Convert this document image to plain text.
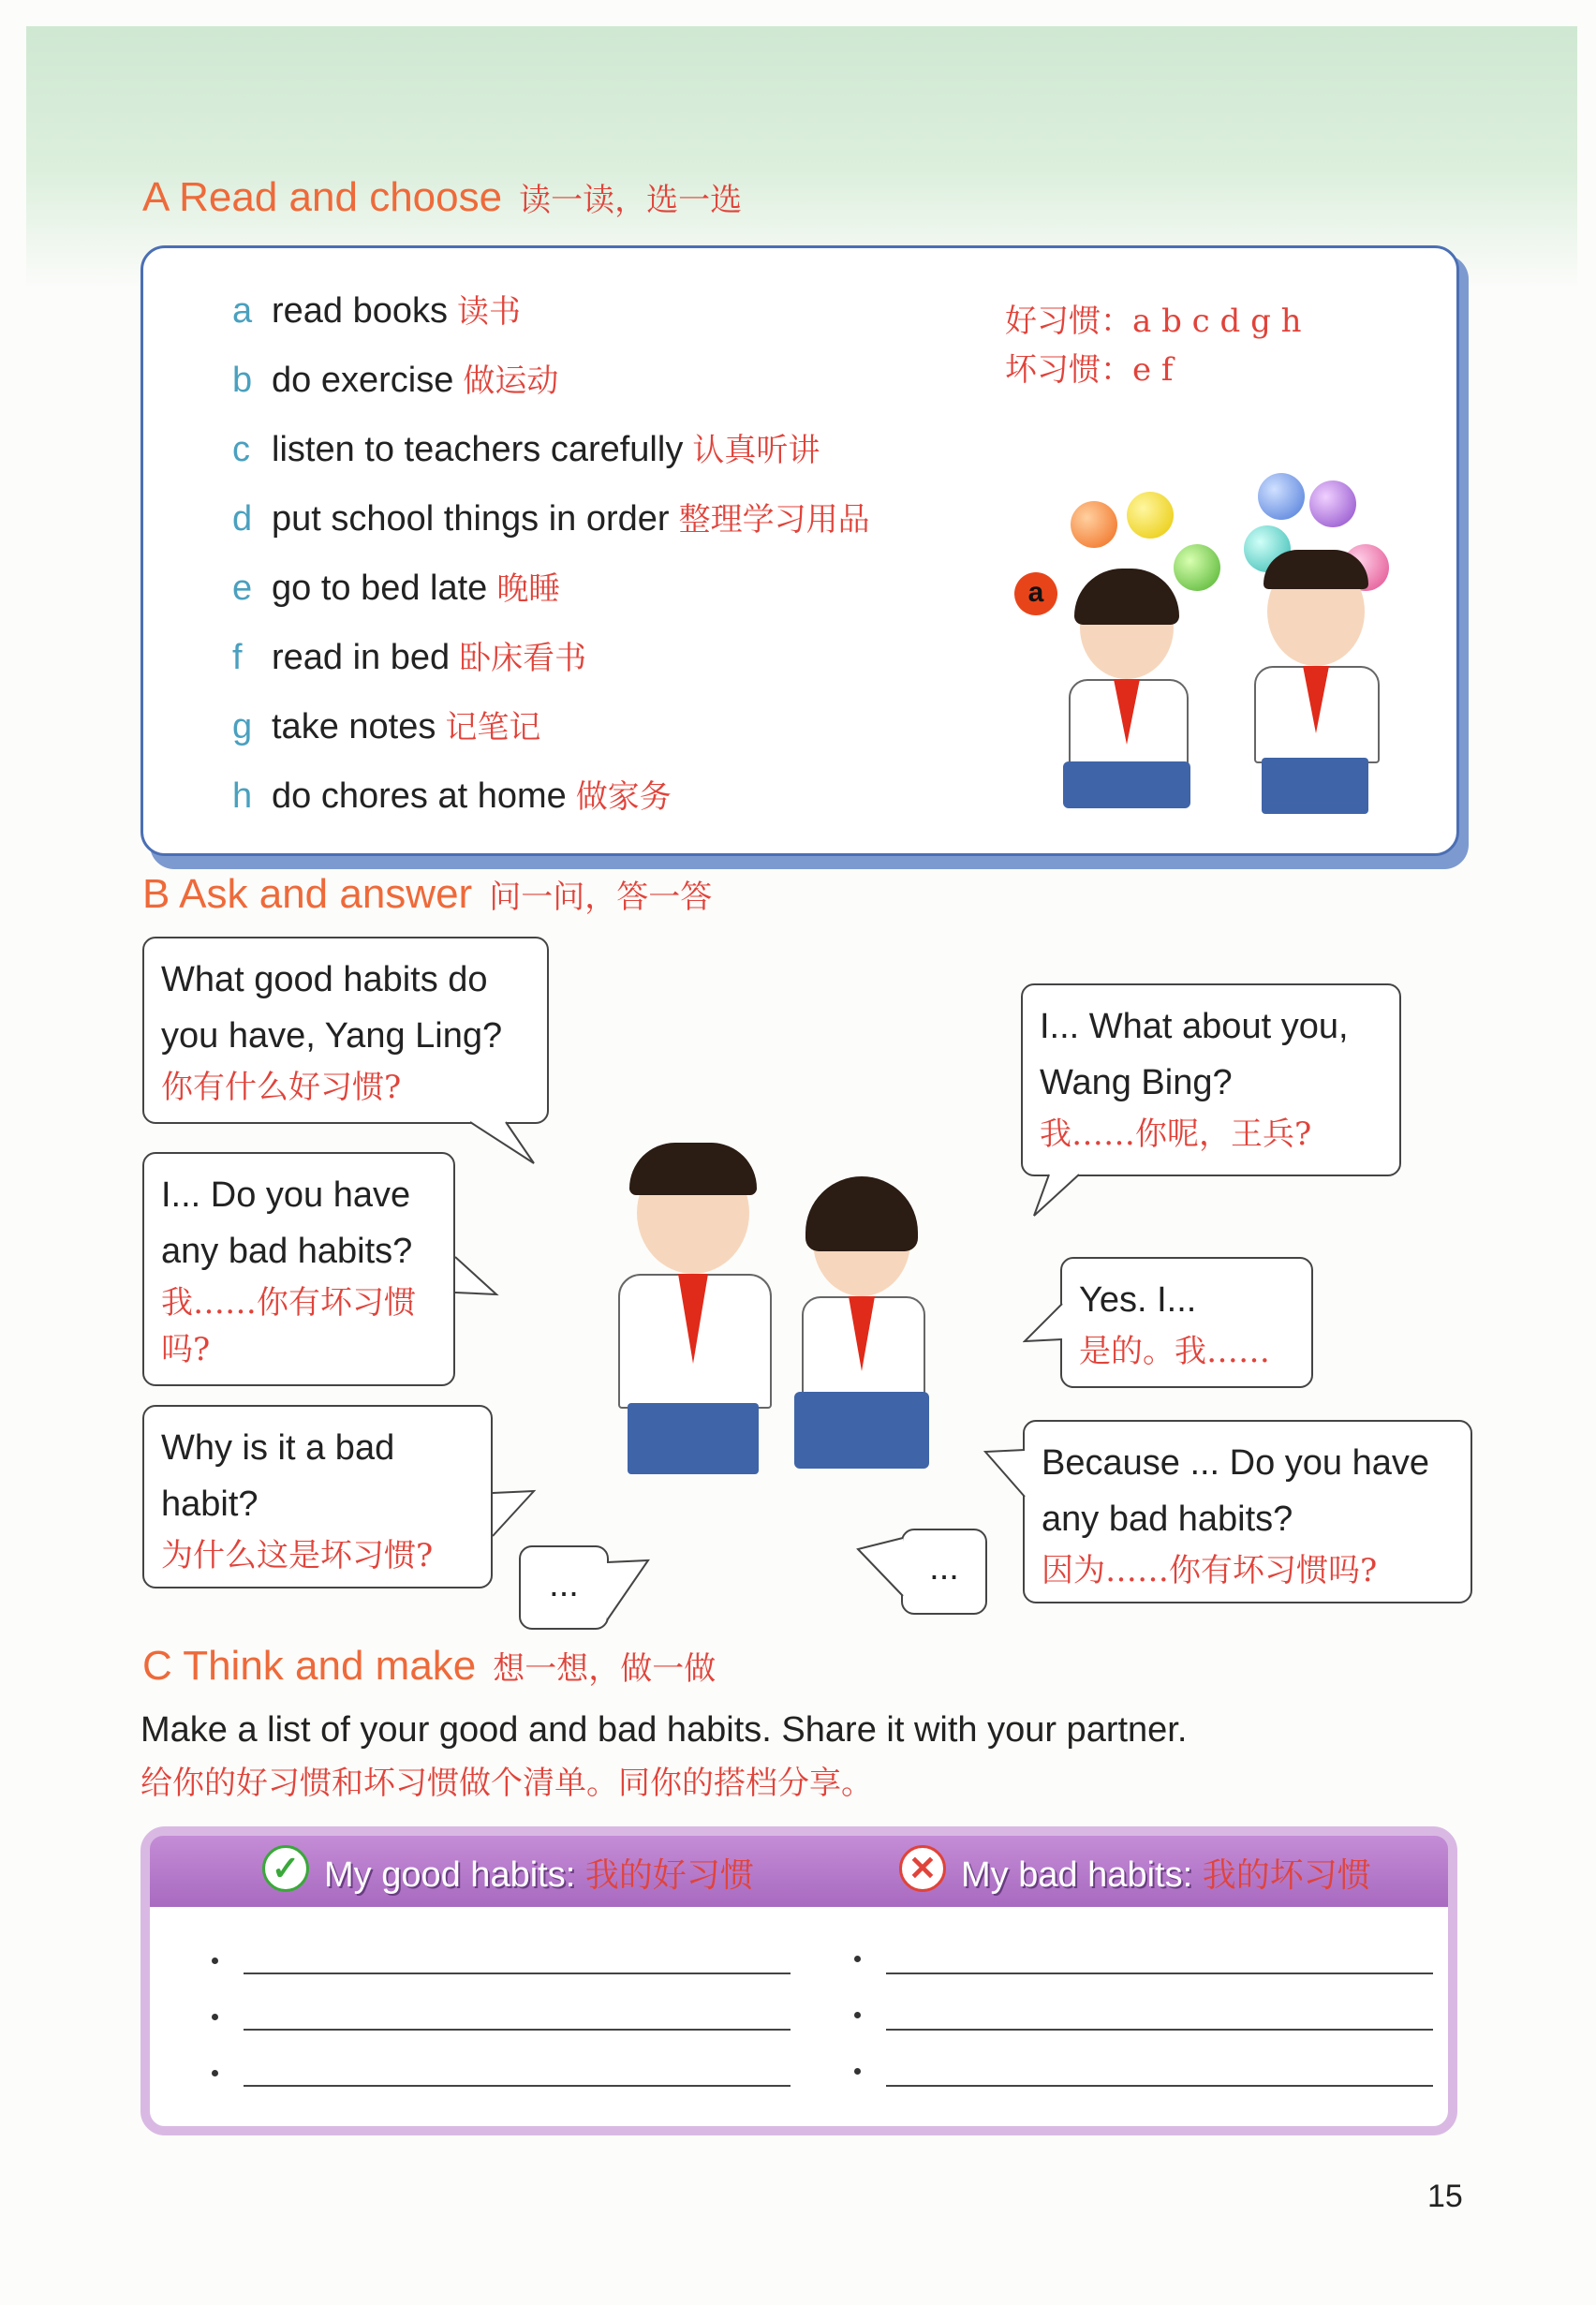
A Read and choose 读一读，选一选
a read books 读书
b do exercise 做运动
c listen to teachers carefully 认真听讲
d put school things in order 整理学习用品
e go to bed late 晚睡
f read in bed 卧床看书
g take notes 记笔记
h do chores at home 做家务
好习惯：a b c d g h
坏习惯：e f
a
B Ask and answer 问一问，答一答
What good habits do you have, Yang Ling?
你有什么好习惯?
I... Do you have any bad habits?
我……你有坏习惯吗?
Why is it a bad habit?
为什么这是坏习惯?
...
I... What about you, Wang Bing?
我……你呢，王兵?
Yes. I...
是的。我……
Because ... Do you have any bad habits?
因为……你有坏习惯吗?
...
C Think and make 想一想，做一做
Make a list of your good and bad habits. Share it with your partner.
给你的好习惯和坏习惯做个清单。同你的搭档分享。
✓ My good habits: 我的好习惯	✕ My bad habits: 我的坏习惯
15
